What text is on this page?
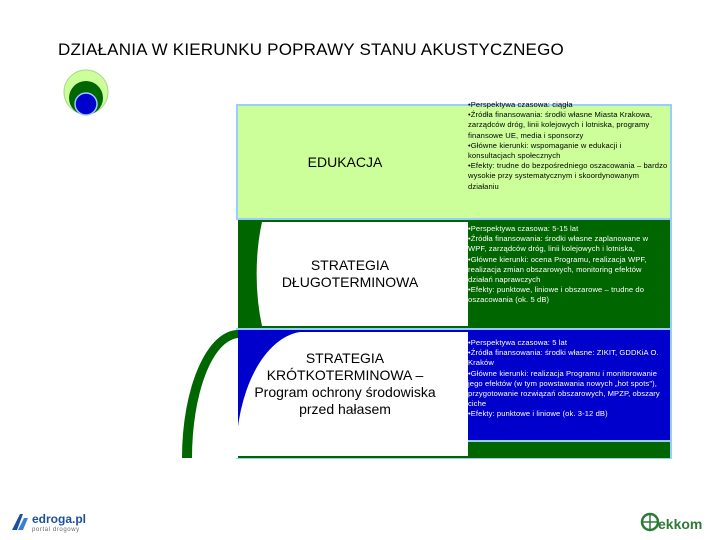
DZIAŁANIA W KIERUNKU POPRAWY STANU AKUSTYCZNEGO
EDUKACJA
STRATEGIA DŁUGOTERMINOWA
STRATEGIA KRÓTKOTERMINOWA –
Program ochrony środowiska przed hałasem

•Perspektywa czasowa: ciągła

•Źródła finansowania: środki własne Miasta Krakowa, zarządców dróg, linii kolejowych i lotniska, programy finansowe UE, media i sponsorzy

•Główne kierunki: wspomaganie w edukacji i konsultacjach społecznych

•Efekty: trudne do bezpośredniego oszacowania – bardzo wysokie przy systematycznym i skoordynowanym działaniu

•Perspektywa czasowa: 5-15 lat

•Źródła finansowania: środki własne zaplanowane w WPF, zarządców dróg, linii kolejowych i lotniska,

•Główne kierunki: ocena Programu, realizacja WPF, realizacja zmian obszarowych, monitoring efektów działań naprawczych

•Efekty: punktowe, liniowe i obszarowe – trudne do oszacowania (ok. 5 dB)

•Perspektywa czasowa: 5 lat

•Źródła finansowania: środki własne: ZIKIT, GDDKiA O. Kraków

•Główne kierunki: realizacja Programu i monitorowanie jego efektów (w tym powstawania nowych „hot spots"), przygotowanie rozwiązań obszarowych, MPZP, obszary ciche

•Efekty: punktowe i liniowe (ok. 3-12 dB)

edroga.pl
portal drogowy	ekkom
